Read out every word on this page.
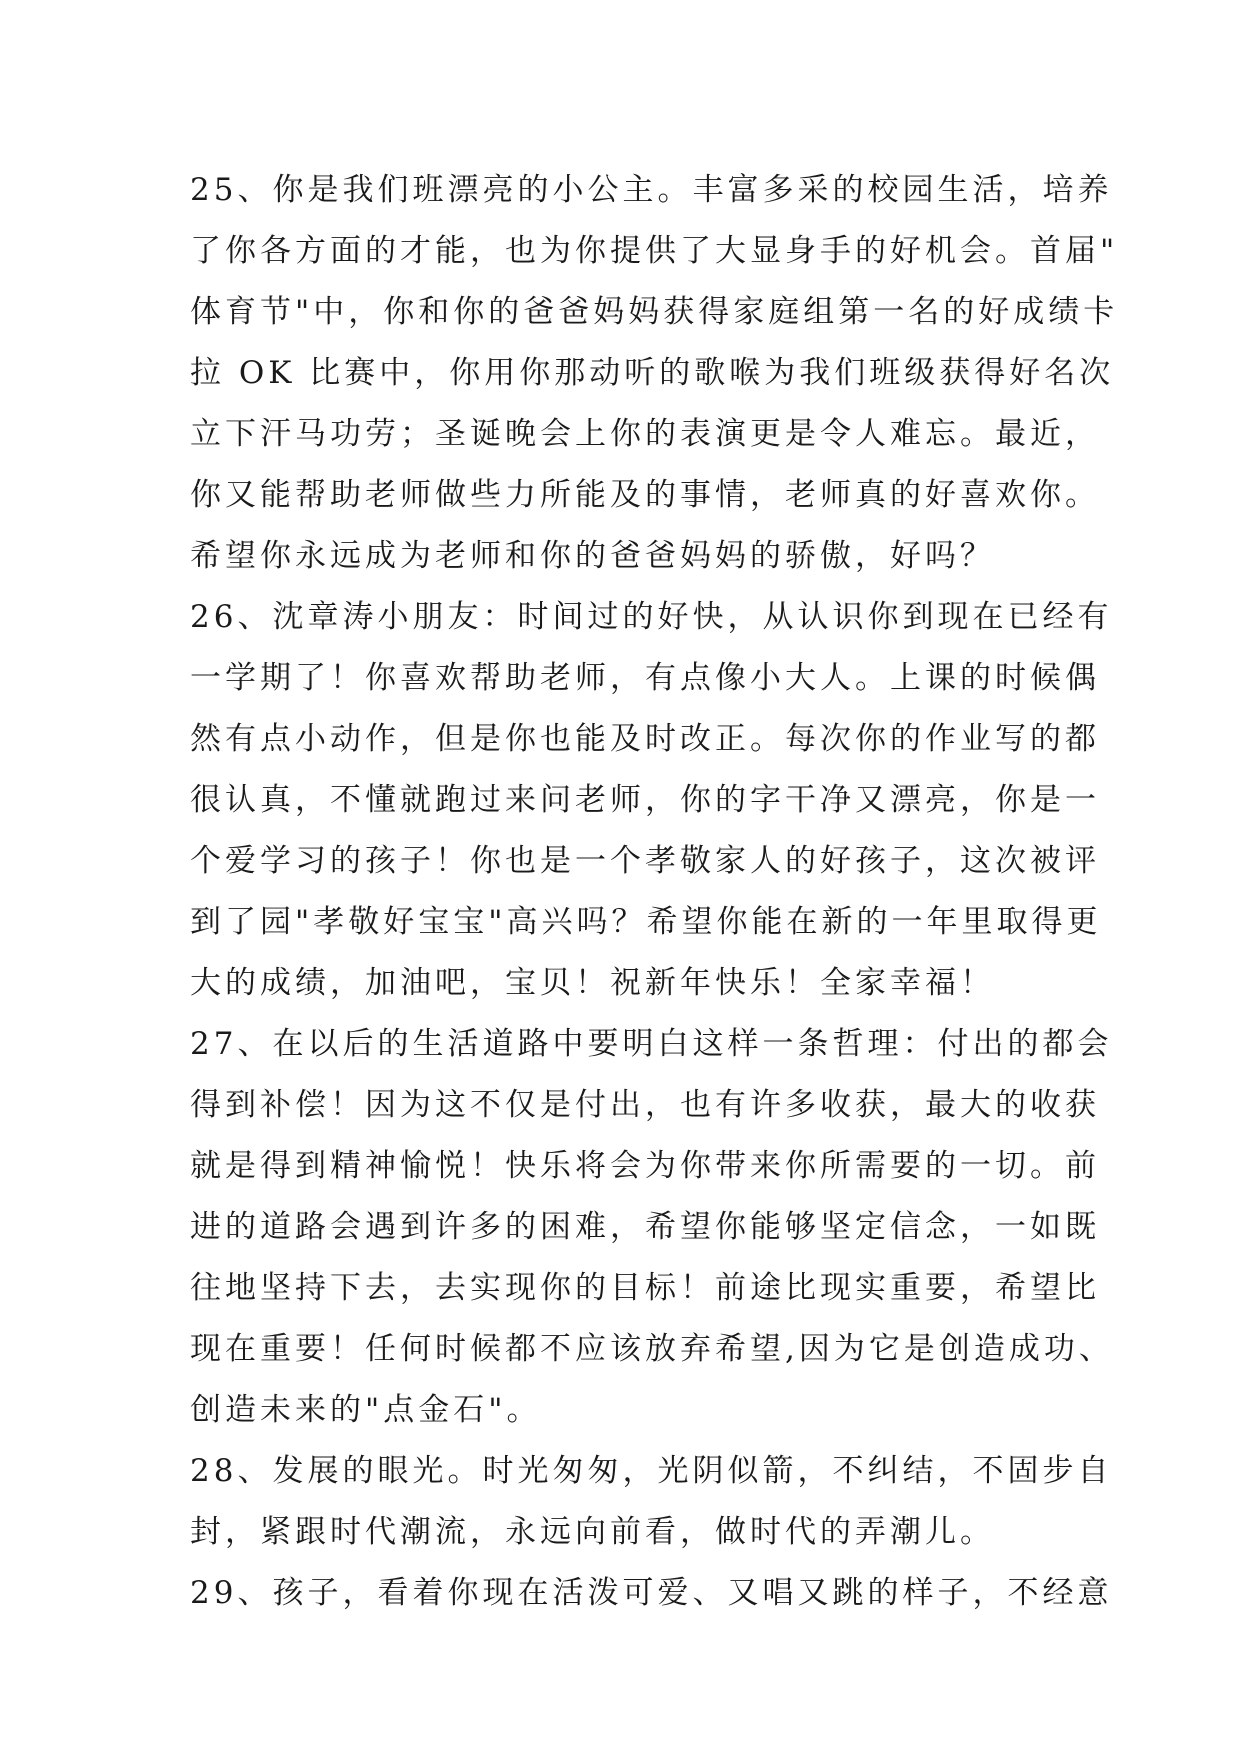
25、你是我们班漂亮的小公主。丰富多采的校园生活，培养
了你各方面的才能，也为你提供了大显身手的好机会。首届"
体育节"中，你和你的爸爸妈妈获得家庭组第一名的好成绩卡
拉 OK 比赛中，你用你那动听的歌喉为我们班级获得好名次
立下汗马功劳；圣诞晚会上你的表演更是令人难忘。最近，
你又能帮助老师做些力所能及的事情，老师真的好喜欢你。
希望你永远成为老师和你的爸爸妈妈的骄傲，好吗？
26、沈章涛小朋友：时间过的好快，从认识你到现在已经有
一学期了！你喜欢帮助老师，有点像小大人。上课的时候偶
然有点小动作，但是你也能及时改正。每次你的作业写的都
很认真，不懂就跑过来问老师，你的字干净又漂亮，你是一
个爱学习的孩子！你也是一个孝敬家人的好孩子，这次被评
到了园"孝敬好宝宝"高兴吗？希望你能在新的一年里取得更
大的成绩，加油吧，宝贝！祝新年快乐！全家幸福！
27、在以后的生活道路中要明白这样一条哲理：付出的都会
得到补偿！因为这不仅是付出，也有许多收获，最大的收获
就是得到精神愉悦！快乐将会为你带来你所需要的一切。前
进的道路会遇到许多的困难，希望你能够坚定信念，一如既
往地坚持下去，去实现你的目标！前途比现实重要，希望比
现在重要！任何时候都不应该放弃希望,因为它是创造成功、
创造未来的"点金石"。
28、发展的眼光。时光匆匆，光阴似箭，不纠结，不固步自
封，紧跟时代潮流，永远向前看，做时代的弄潮儿。
29、孩子，看着你现在活泼可爱、又唱又跳的样子，不经意
